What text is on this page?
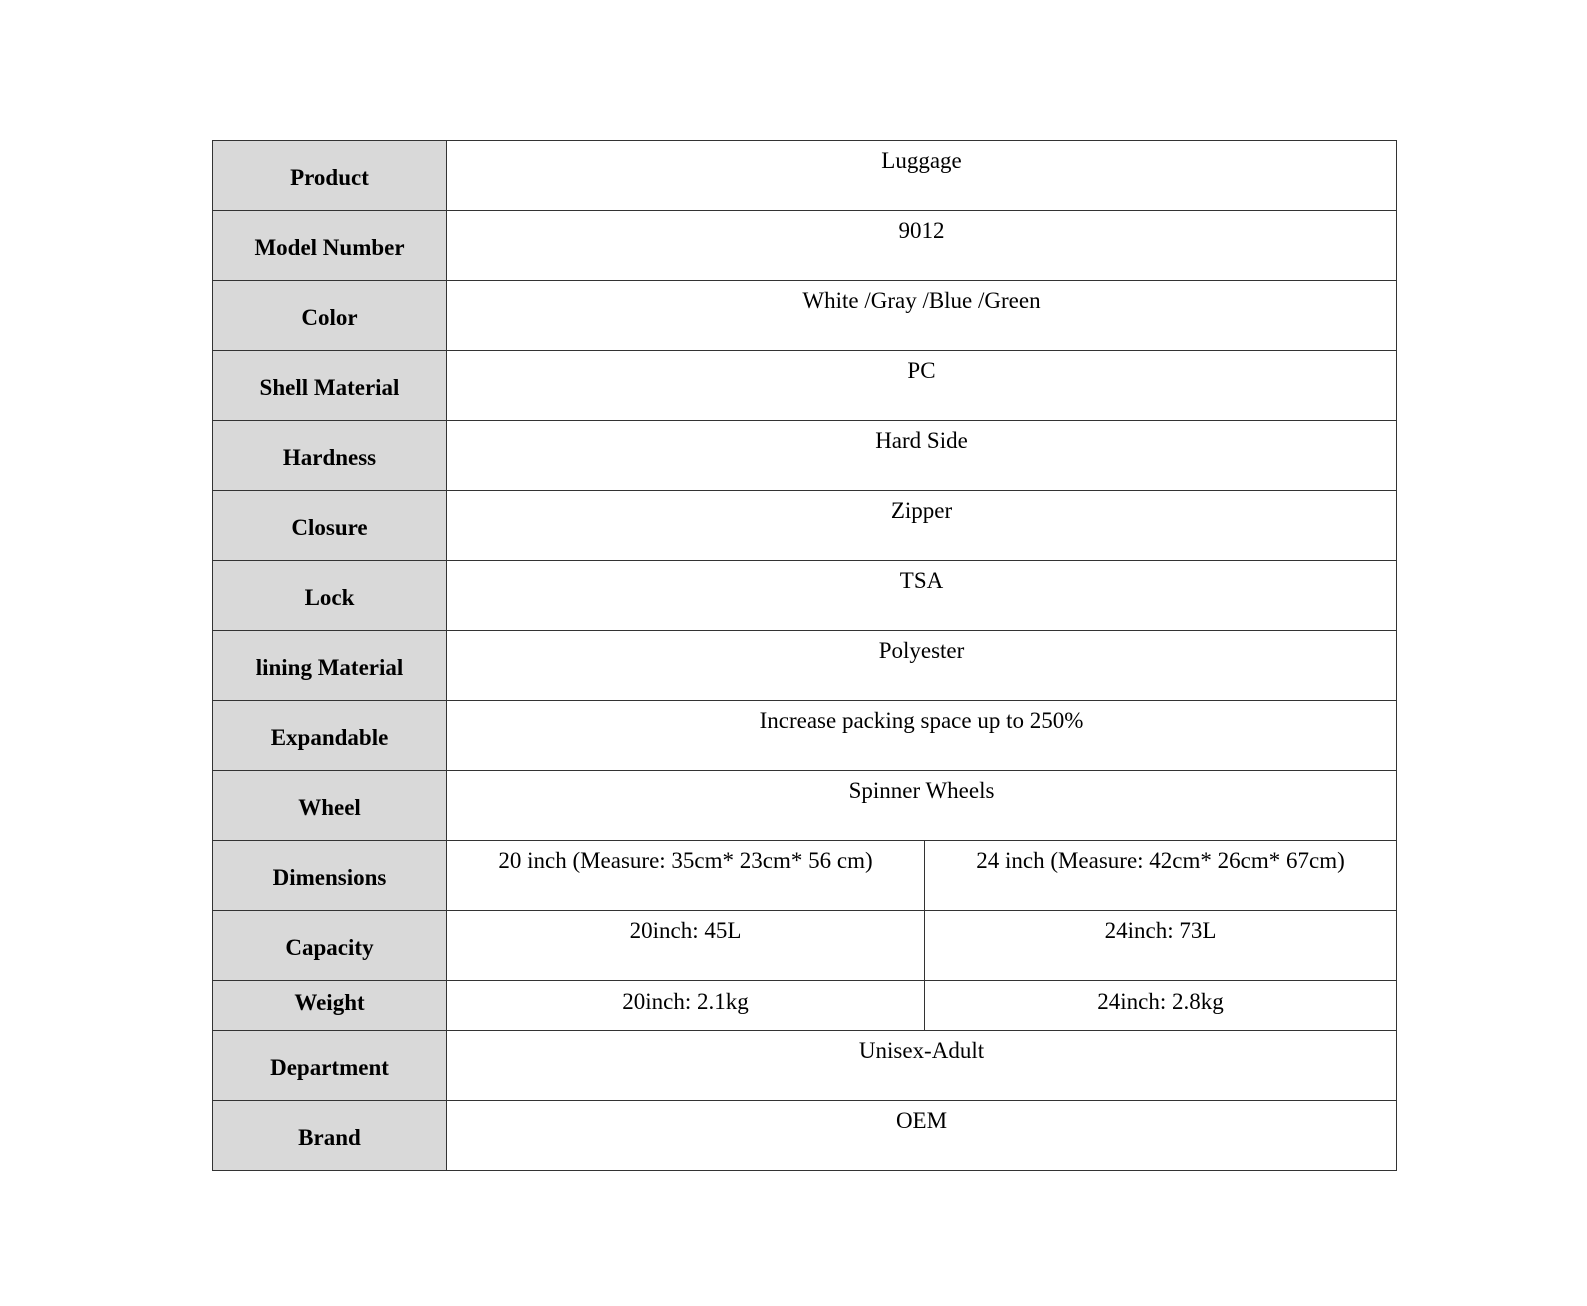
Product	Luggage	
Model Number	9012	
Color	White /Gray /Blue /Green	
Shell Material	PC	
Hardness	Hard Side	
Closure	Zipper	
Lock	TSA	
lining Material	Polyester	
Expandable	Increase packing space up to 250%	
Wheel	Spinner Wheels	
Dimensions	20 inch (Measure: 35cm* 23cm* 56 cm)	24 inch (Measure: 42cm* 26cm* 67cm)
Capacity	20inch: 45L	24inch: 73L
Weight	20inch: 2.1kg	24inch: 2.8kg
Department	Unisex-Adult	
Brand	OEM	
